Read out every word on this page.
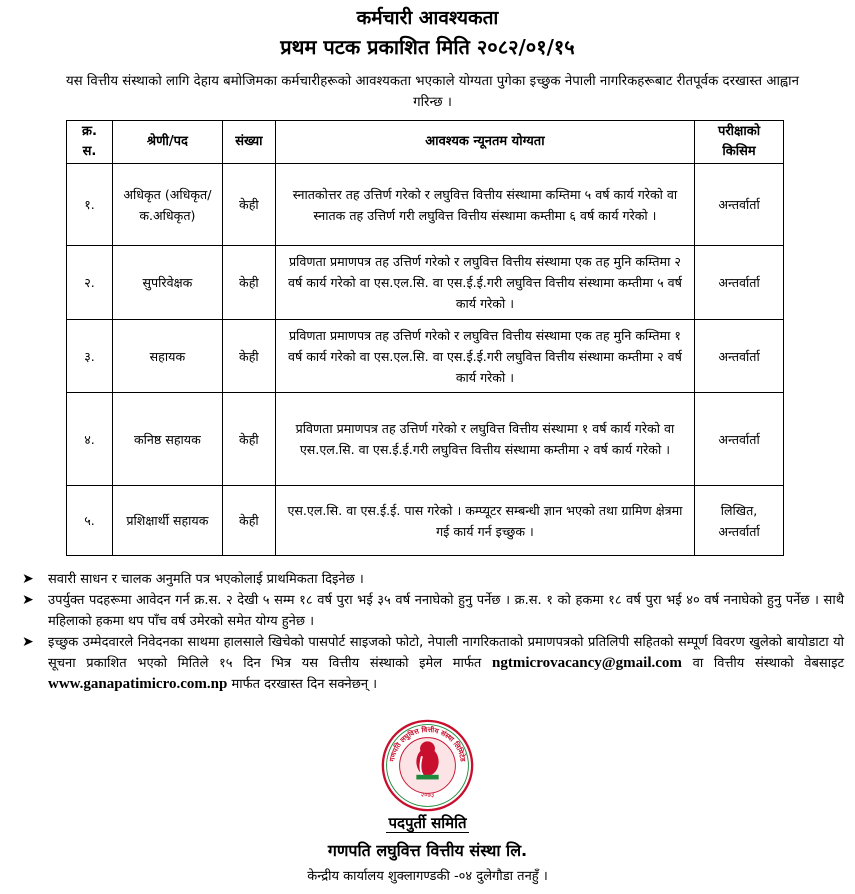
कर्मचारी आवश्यकता
प्रथम पटक प्रकाशित मिति २०८२/०१/१५
यस वित्तीय संस्थाको लागि देहाय बमोजिमका कर्मचारीहरूको आवश्यकता भएकाले योग्यता पुगेका इच्छुक नेपाली नागरिकहरूबाट रीतपूर्वक दरखास्त आह्वान गरिन्छ ।
क्र. स.	श्रेणी/पद	संख्या	आवश्यक न्यूनतम योग्यता	परीक्षाको किसिम
१.	अधिकृत (अधिकृत/ क.अधिकृत)	केही	स्नातकोत्तर तह उत्तिर्ण गरेको र लघुवित्त वित्तीय संस्थामा कम्तिमा ५ वर्ष कार्य गरेको वा स्नातक तह उत्तिर्ण गरी लघुवित्त वित्तीय संस्थामा कम्तीमा ६ वर्ष कार्य गरेको ।	अन्तर्वार्ता
२.	सुपरिवेक्षक	केही	प्रविणता प्रमाणपत्र तह उत्तिर्ण गरेको र लघुवित्त वित्तीय संस्थामा एक तह मुनि कम्तिमा २ वर्ष कार्य गरेको वा एस.एल.सि. वा एस.ई.ई.गरी लघुवित्त वित्तीय संस्थामा कम्तीमा ५ वर्ष कार्य गरेको ।	अन्तर्वार्ता
३.	सहायक	केही	प्रविणता प्रमाणपत्र तह उत्तिर्ण गरेको र लघुवित्त वित्तीय संस्थामा एक तह मुनि कम्तिमा १ वर्ष कार्य गरेको वा एस.एल.सि. वा एस.ई.ई.गरी लघुवित्त वित्तीय संस्थामा कम्तीमा २ वर्ष कार्य गरेको ।	अन्तर्वार्ता
४.	कनिष्ठ सहायक	केही	प्रविणता प्रमाणपत्र तह उत्तिर्ण गरेको र लघुवित्त वित्तीय संस्थामा १ वर्ष कार्य गरेको वा एस.एल.सि. वा एस.ई.ई.गरी लघुवित्त वित्तीय संस्थामा कम्तीमा २ वर्ष कार्य गरेको ।	अन्तर्वार्ता
५.	प्रशिक्षार्थी सहायक	केही	एस.एल.सि. वा एस.ई.ई. पास गरेको । कम्प्यूटर सम्बन्धी ज्ञान भएको तथा ग्रामिण क्षेत्रमा गई कार्य गर्न इच्छुक ।	लिखित, अन्तर्वार्ता
➤	सवारी साधन र चालक अनुमति पत्र भएकोलाई प्राथमिकता दिइनेछ ।
➤	उपर्युक्त पदहरूमा आवेदन गर्न क्र.स. २ देखी ५ सम्म १८ वर्ष पुरा भई ३५ वर्ष ननाघेको हुनु पर्नेछ । क्र.स. १ को हकमा १८ वर्ष पुरा भई ४० वर्ष ननाघेको हुनु पर्नेछ । साथै महिलाको हकमा थप पाँच वर्ष उमेरको समेत योग्य हुनेछ ।
➤	इच्छुक उम्मेदवारले निवेदनका साथमा हालसाले खिचेको पासपोर्ट साइजको फोटो, नेपाली नागरिकताको प्रमाणपत्रको प्रतिलिपी सहितको सम्पूर्ण विवरण खुलेको बायोडाटा यो सूचना प्रकाशित भएको मितिले १५ दिन भित्र यस वित्तीय संस्थाको इमेल मार्फत ngtmicrovacancy@gmail.com वा वित्तीय संस्थाको वेबसाइट www.ganapatimicro.com.np मार्फत दरखास्त दिन सक्नेछन् ।
गणपति लघुवित्त वित्तीय संस्था लिमिटेड
२०७३
पदपुर्ती समिति
गणपति लघुवित्त वित्तीय संस्था लि.
केन्द्रीय कार्यालय शुक्लागण्डकी -०४ दुलेगौडा तनहुँ ।
